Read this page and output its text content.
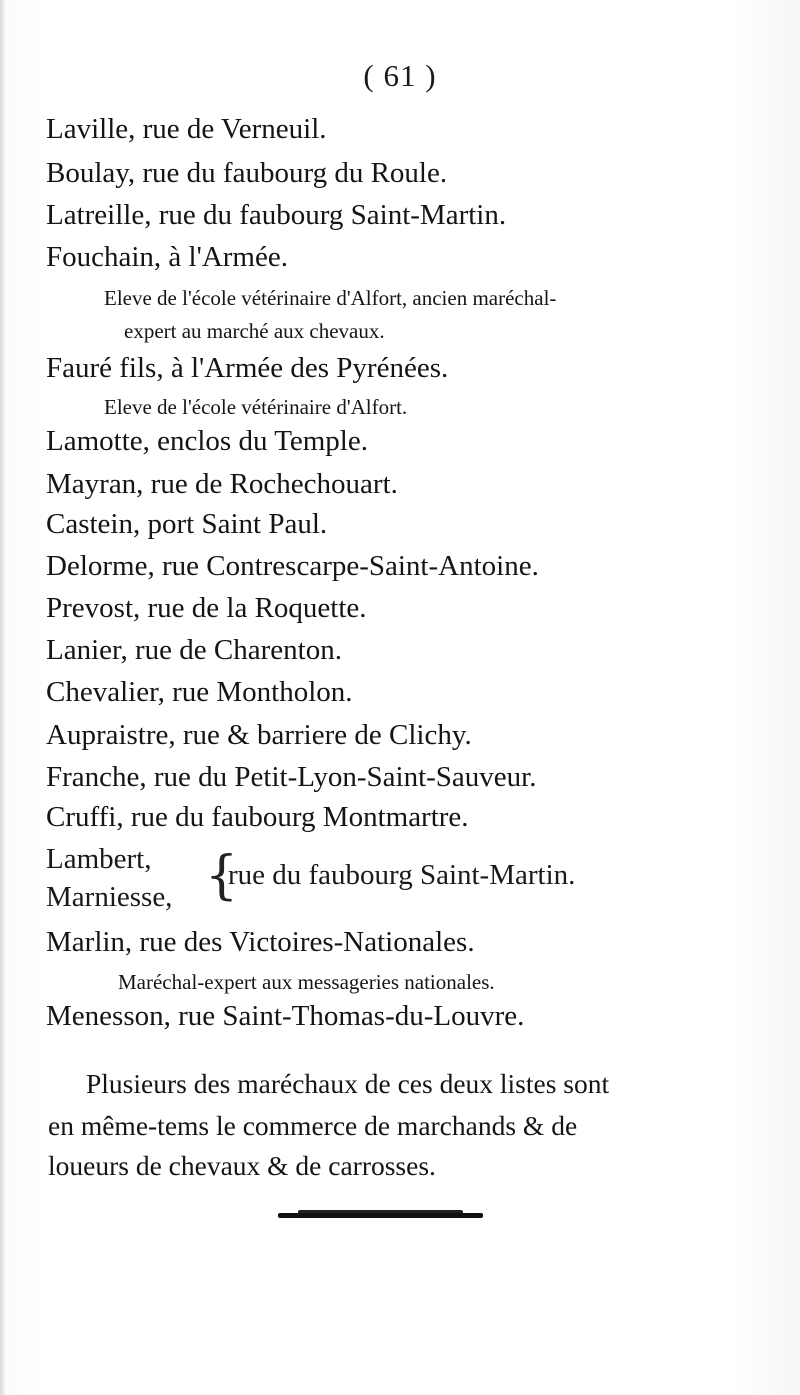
( 61 )
Laville, rue de Verneuil.
Boulay, rue du faubourg du Roule.
Latreille, rue du faubourg Saint-Martin.
Fouchain, à l'Armée.
Eleve de l'école vétérinaire d'Alfort, ancien maréchal-
expert au marché aux chevaux.
Fauré fils, à l'Armée des Pyrénées.
Eleve de l'école vétérinaire d'Alfort.
Lamotte, enclos du Temple.
Mayran, rue de Rochechouart.
Castein, port Saint Paul.
Delorme, rue Contrescarpe-Saint-Antoine.
Prevost, rue de la Roquette.
Lanier, rue de Charenton.
Chevalier, rue Montholon.
Aupraistre, rue & barriere de Clichy.
Franche, rue du Petit-Lyon-Saint-Sauveur.
Cruffi, rue du faubourg Montmartre.
Lambert,
Marniesse, {
rue du faubourg Saint-Martin.
Marlin, rue des Victoires-Nationales.
Maréchal-expert aux messageries nationales.
Menesson, rue Saint-Thomas-du-Louvre.
Plusieurs des maréchaux de ces deux listes sont
en même-tems le commerce de marchands & de
loueurs de chevaux & de carrosses.
